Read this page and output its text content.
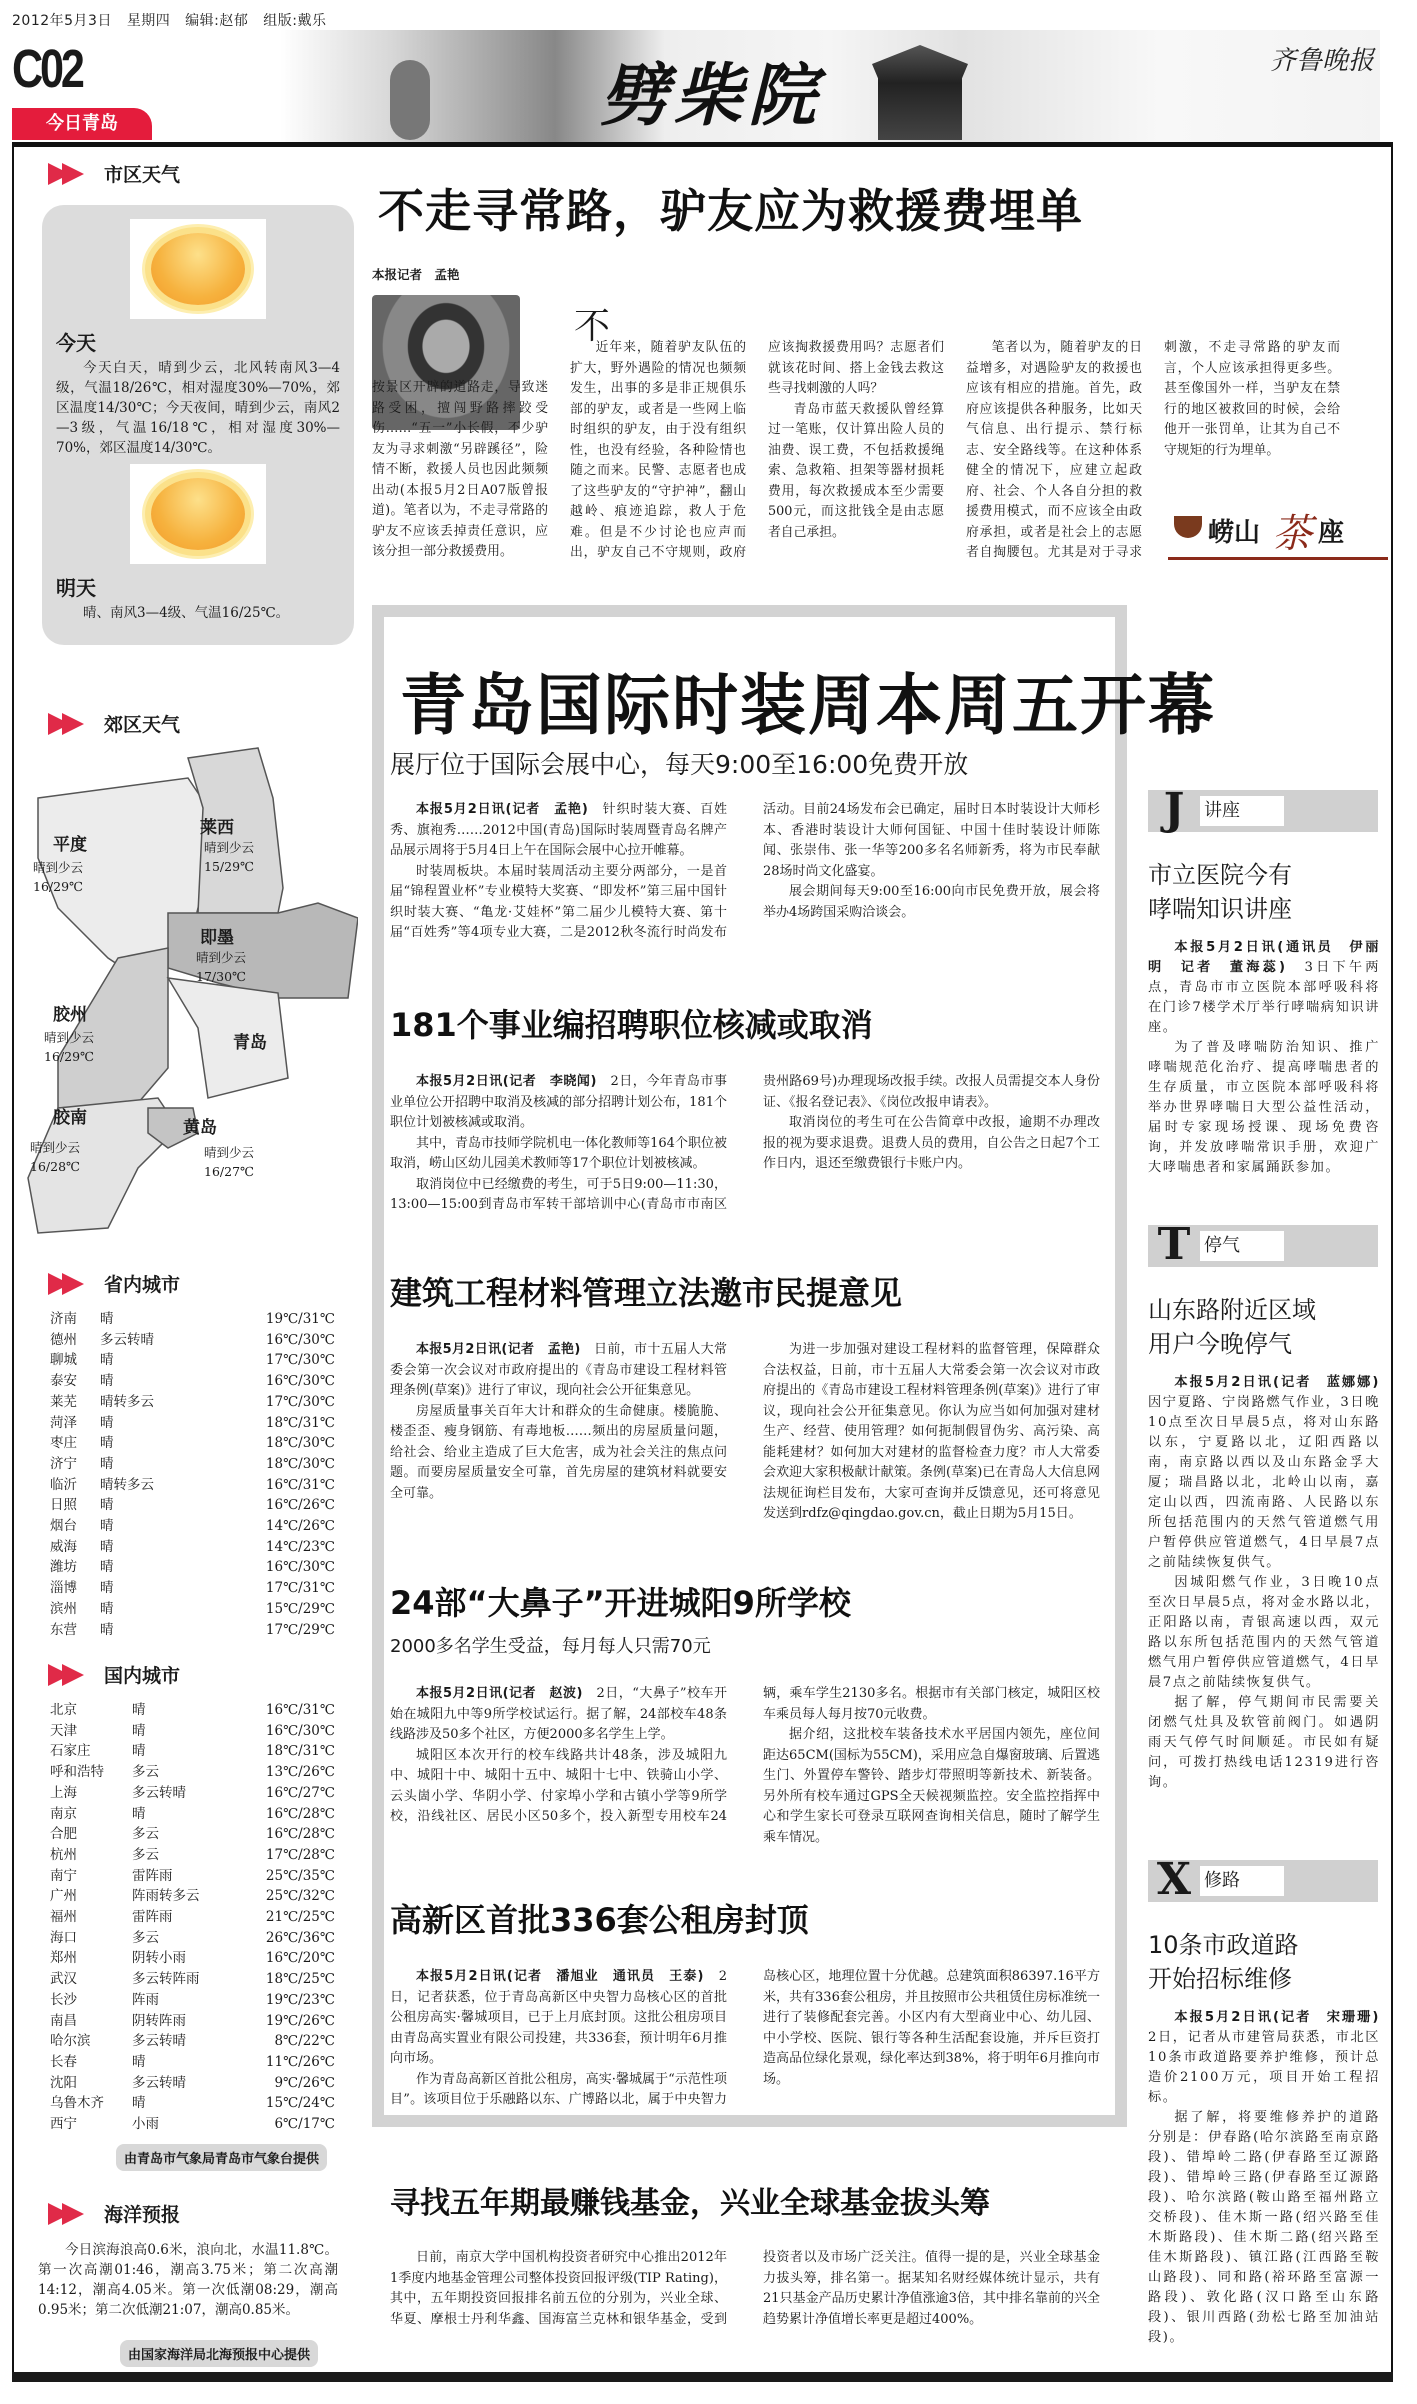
2012年5月3日 星期四 编辑:赵郁 组版:戴乐
C02
今日青岛	劈柴院	齐鲁晚报
市区天气
今天
今天白天，晴到少云，北风转南风3—4级，气温18/26℃，相对湿度30%—70%，郊区温度14/30℃；今天夜间，晴到少云，南风2—3级，气温16/18℃，相对湿度30%—70%，郊区温度14/30℃。
明天
晴、南风3—4级、气温16/25℃。
郊区天气
平度
晴到少云
16/29℃
莱西
晴到少云
15/29℃
即墨
晴到少云
17/30℃
胶州
晴到少云
16/29℃
青岛
胶南
晴到少云
16/28℃
黄岛
晴到少云
16/27℃
省内城市
济南	晴	19℃/31℃
德州	多云转晴	16℃/30℃
聊城	晴	17℃/30℃
泰安	晴	16℃/30℃
莱芜	晴转多云	17℃/30℃
菏泽	晴	18℃/31℃
枣庄	晴	18℃/30℃
济宁	晴	18℃/30℃
临沂	晴转多云	16℃/31℃
日照	晴	16℃/26℃
烟台	晴	14℃/26℃
威海	晴	14℃/23℃
潍坊	晴	16℃/30℃
淄博	晴	17℃/31℃
滨州	晴	15℃/29℃
东营	晴	17℃/29℃
国内城市
北京	晴	16℃/31℃
天津	晴	16℃/30℃
石家庄	晴	18℃/31℃
呼和浩特	多云	13℃/26℃
上海	多云转晴	16℃/27℃
南京	晴	16℃/28℃
合肥	多云	16℃/28℃
杭州	多云	17℃/28℃
南宁	雷阵雨	25℃/35℃
广州	阵雨转多云	25℃/32℃
福州	雷阵雨	21℃/25℃
海口	多云	26℃/36℃
郑州	阴转小雨	16℃/20℃
武汉	多云转阵雨	18℃/25℃
长沙	阵雨	19℃/23℃
南昌	阴转阵雨	19℃/26℃
哈尔滨	多云转晴	8℃/22℃
长春	晴	11℃/26℃
沈阳	多云转晴	9℃/26℃
乌鲁木齐	晴	15℃/24℃
西宁	小雨	6℃/17℃
由青岛市气象局青岛市气象台提供
海洋预报
今日滨海浪高0.6米，浪向北，水温11.8℃。第一次高潮01:46，潮高3.75米；第二次高潮14:12，潮高4.05米。第一次低潮08:29，潮高0.95米；第二次低潮21:07，潮高0.85米。
由国家海洋局北海预报中心提供
不走寻常路，驴友应为救援费埋单
本报记者　孟艳
不

按景区开辟的道路走，导致迷路受困，擅闯野路摔跤受伤……“五一”小长假，不少驴友为寻求刺激“另辟蹊径”，险情不断，救援人员也因此频频出动(本报5月2日A07版曾报道)。笔者以为，不走寻常路的驴友不应该丢掉责任意识，应该分担一部分救援费用。

近年来，随着驴友队伍的扩大，野外遇险的情况也频频发生，出事的多是非正规俱乐部的驴友，或者是一些网上临时组织的驴友，由于没有组织性，也没有经验，各种险情也随之而来。民警、志愿者也成了这些驴友的“守护神”，翻山越岭、痕迹追踪，救人于危难。但是不少讨论也应声而出，驴友自己不守规则，政府应该掏救援费用吗？志愿者们就该花时间、搭上金钱去救这些寻找刺激的人吗？

青岛市蓝天救援队曾经算过一笔账，仅计算出险人员的油费、误工费，不包括救援绳索、急救箱、担架等器材损耗费用，每次救援成本至少需要500元，而这批钱全是由志愿者自己承担。

笔者以为，随着驴友的日益增多，对遇险驴友的救援也应该有相应的措施。首先，政府应该提供各种服务，比如天气信息、出行提示、禁行标志、安全路线等。在这种体系健全的情况下，应建立起政府、社会、个人各自分担的救援费用模式，而不应该全由政府承担，或者是社会上的志愿者自掏腰包。尤其是对于寻求刺激，不走寻常路的驴友而言，个人应该承担得更多些。甚至像国外一样，当驴友在禁行的地区被救回的时候，会给他开一张罚单，让其为自己不守规矩的行为埋单。

崂山 茶 座
青岛国际时装周本周五开幕
展厅位于国际会展中心，每天9:00至16:00免费开放

本报5月2日讯(记者　孟艳)　针织时装大赛、百姓秀、旗袍秀……2012中国(青岛)国际时装周暨青岛名牌产品展示周将于5月4日上午在国际会展中心拉开帷幕。

时装周板块。本届时装周活动主要分两部分，一是首届“锦程置业杯”专业模特大奖赛、“即发杯”第三届中国针织时装大赛、“亀龙·艾娃杯”第二届少儿模特大赛、第十届“百姓秀”等4项专业大赛，二是2012秋冬流行时尚发布活动。目前24场发布会已确定，届时日本时装设计大师杉本、香港时装设计大师何国钲、中国十佳时装设计师陈闻、张崇伟、张一华等200多名名师新秀，将为市民奉献28场时尚文化盛宴。

展会期间每天9:00至16:00向市民免费开放，展会将举办4场跨国采购洽谈会。

181个事业编招聘职位核减或取消

本报5月2日讯(记者　李晓闻)　2日，今年青岛市事业单位公开招聘中取消及核减的部分招聘计划公布，181个职位计划被核减或取消。

其中，青岛市技师学院机电一体化教师等164个职位被取消，崂山区幼儿园美术教师等17个职位计划被核减。

取消岗位中已经缴费的考生，可于5日9:00—11:30，13:00—15:00到青岛市军转干部培训中心(青岛市市南区贵州路69号)办理现场改报手续。改报人员需提交本人身份证、《报名登记表》、《岗位改报申请表》。

取消岗位的考生可在公告简章中改报，逾期不办理改报的视为要求退费。退费人员的费用，自公告之日起7个工作日内，退还至缴费银行卡账户内。

建筑工程材料管理立法邀市民提意见

本报5月2日讯(记者　孟艳)　日前，市十五届人大常委会第一次会议对市政府提出的《青岛市建设工程材料管理条例(草案)》进行了审议，现向社会公开征集意见。

房屋质量事关百年大计和群众的生命健康。楼脆脆、楼歪歪、瘦身钢筋、有毒地板……频出的房屋质量问题，给社会、给业主造成了巨大危害，成为社会关注的焦点问题。而要房屋质量安全可靠，首先房屋的建筑材料就要安全可靠。

为进一步加强对建设工程材料的监督管理，保障群众合法权益，日前，市十五届人大常委会第一次会议对市政府提出的《青岛市建设工程材料管理条例(草案)》进行了审议，现向社会公开征集意见。你认为应当如何加强对建材生产、经营、使用管理？如何扼制假冒伪劣、高污染、高能耗建材？如何加大对建材的监督检查力度？市人大常委会欢迎大家积极献计献策。条例(草案)已在青岛人大信息网法规征询栏目发布，大家可查询并反馈意见，还可将意见发送到rdfz@qingdao.gov.cn，截止日期为5月15日。

24部“大鼻子”开进城阳9所学校
2000多名学生受益，每月每人只需70元

本报5月2日讯(记者　赵波)　2日，“大鼻子”校车开始在城阳九中等9所学校试运行。据了解，24部校车48条线路涉及50多个社区，方便2000多名学生上学。

城阳区本次开行的校车线路共计48条，涉及城阳九中、城阳十中、城阳十五中、城阳十七中、铁骑山小学、云头崮小学、华阴小学、付家埠小学和古镇小学等9所学校，沿线社区、居民小区50多个，投入新型专用校车24辆，乘车学生2130多名。根据市有关部门核定，城阳区校车乘员每人每月按70元收费。

据介绍，这批校车装备技术水平居国内领先，座位间距达65CM(国标为55CM)，采用应急自爆窗玻璃、后置逃生门、外置停车警铃、踏步灯带照明等新技术、新装备。另外所有校车通过GPS全天候视频监控。安全监控指挥中心和学生家长可登录互联网查询相关信息，随时了解学生乘车情况。

高新区首批336套公租房封顶

本报5月2日讯(记者　潘旭业　通讯员　王泰)　2日，记者获悉，位于青岛高新区中央智力岛核心区的首批公租房高实·馨城项目，已于上月底封顶。这批公租房项目由青岛高实置业有限公司投建，共336套，预计明年6月推向市场。

作为青岛高新区首批公租房，高实·馨城属于“示范性项目”。该项目位于乐融路以东、广博路以北，属于中央智力岛核心区，地理位置十分优越。总建筑面积86397.16平方米，共有336套公租房，并且按照市公共租赁住房标准统一进行了装修配套完善。小区内有大型商业中心、幼儿园、中小学校、医院、银行等各种生活配套设施，并斥巨资打造高品位绿化景观，绿化率达到38%，将于明年6月推向市场。

寻找五年期最赚钱基金，兴业全球基金拔头筹

日前，南京大学中国机构投资者研究中心推出2012年1季度内地基金管理公司整体投资回报评级(TIP Rating)，其中，五年期投资回报排名前五位的分别为，兴业全球、华夏、摩根士丹利华鑫、国海富兰克林和银华基金，受到投资者以及市场广泛关注。值得一提的是，兴业全球基金力拔头筹，排名第一。据某知名财经媒体统计显示，共有21只基金产品历史累计净值涨逾3倍，其中排名靠前的兴全趋势累计净值增长率更是超过400%。

J	讲座
市立医院今有
哮喘知识讲座

本报5月2日讯(通讯员　伊丽明　记者　董海蕊)　3日下午两点，青岛市市立医院本部呼吸科将在门诊7楼学术厅举行哮喘病知识讲座。

为了普及哮喘防治知识、推广哮喘规范化治疗、提高哮喘患者的生存质量，市立医院本部呼吸科将举办世界哮喘日大型公益性活动，届时专家现场授课、现场免费咨询，并发放哮喘常识手册，欢迎广大哮喘患者和家属踊跃参加。

T 停气
山东路附近区域
用户今晚停气

本报5月2日讯(记者　蓝娜娜)　因宁夏路、宁岗路燃气作业，3日晚10点至次日早晨5点，将对山东路以东，宁夏路以北，辽阳西路以南，南京路以西以及山东路金孚大厦；瑞昌路以北，北岭山以南，嘉定山以西，四流南路、人民路以东所包括范围内的天然气管道燃气用户暂停供应管道燃气，4日早晨7点之前陆续恢复供气。

因城阳燃气作业，3日晚10点至次日早晨5点，将对金水路以北，正阳路以南，青银高速以西，双元路以东所包括范围内的天然气管道燃气用户暂停供应管道燃气，4日早晨7点之前陆续恢复供气。

据了解，停气期间市民需要关闭燃气灶具及软管前阀门。如遇阴雨天气停气时间顺延。市民如有疑问，可拨打热线电话12319进行咨询。

X 修路
10条市政道路
开始招标维修

本报5月2日讯(记者　宋珊珊)　2日，记者从市建管局获悉，市北区10条市政道路要养护维修，预计总造价2100万元，项目开始工程招标。

据了解，将要维修养护的道路分别是：伊春路(哈尔滨路至南京路段)、错埠岭二路(伊春路至辽源路段)、错埠岭三路(伊春路至辽源路段)、哈尔滨路(鞍山路至福州路立交桥段)、佳木斯一路(绍兴路至佳木斯路段)、佳木斯二路(绍兴路至佳木斯路段)、镇江路(江西路至鞍山路段)、同和路(裕环路至富源一路段)、敦化路(汉口路至山东路段)、银川西路(劲松七路至加油站段)。
